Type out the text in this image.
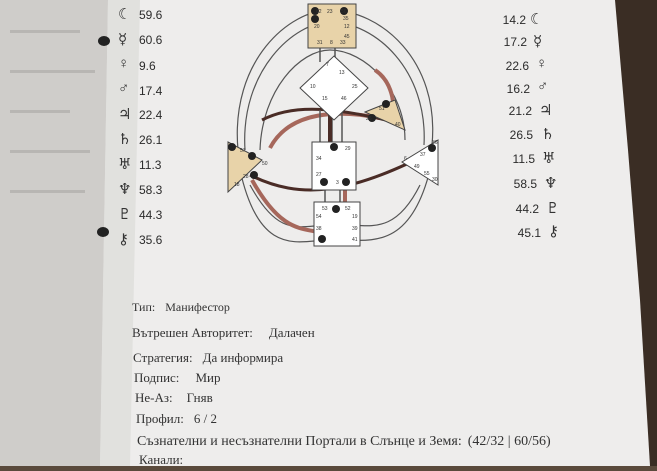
62 23 56
35
20	12
45
31 8 33
7
13
10	25
15	46
51
26
40
57
50
18
28
36
6
49
55
30
37
29
34
27
3
53	52
54	19
38	39
41
☾ 59.6
☿ 60.6
♀ 9.6
♂ 17.4
♃ 22.4
♄ 26.1
♅ 11.3
♆ 58.3
♇ 44.3
⚷ 35.6
14.2 ☾
17.2 ☿
22.6 ♀
16.2 ♂
21.2 ♃
26.5 ♄
11.5 ♅
58.5 ♆
44.2 ♇
45.1 ⚷
Тип: Манифестор
Вътрешен Авторитет: Далачен
Стратегия: Да информира
Подпис: Мир
Не-Аз: Гняв
Профил: 6 / 2
Съзнателни и несъзнателни Портали в Слънце и Земя: (42/32 | 60/56)
Канали:
